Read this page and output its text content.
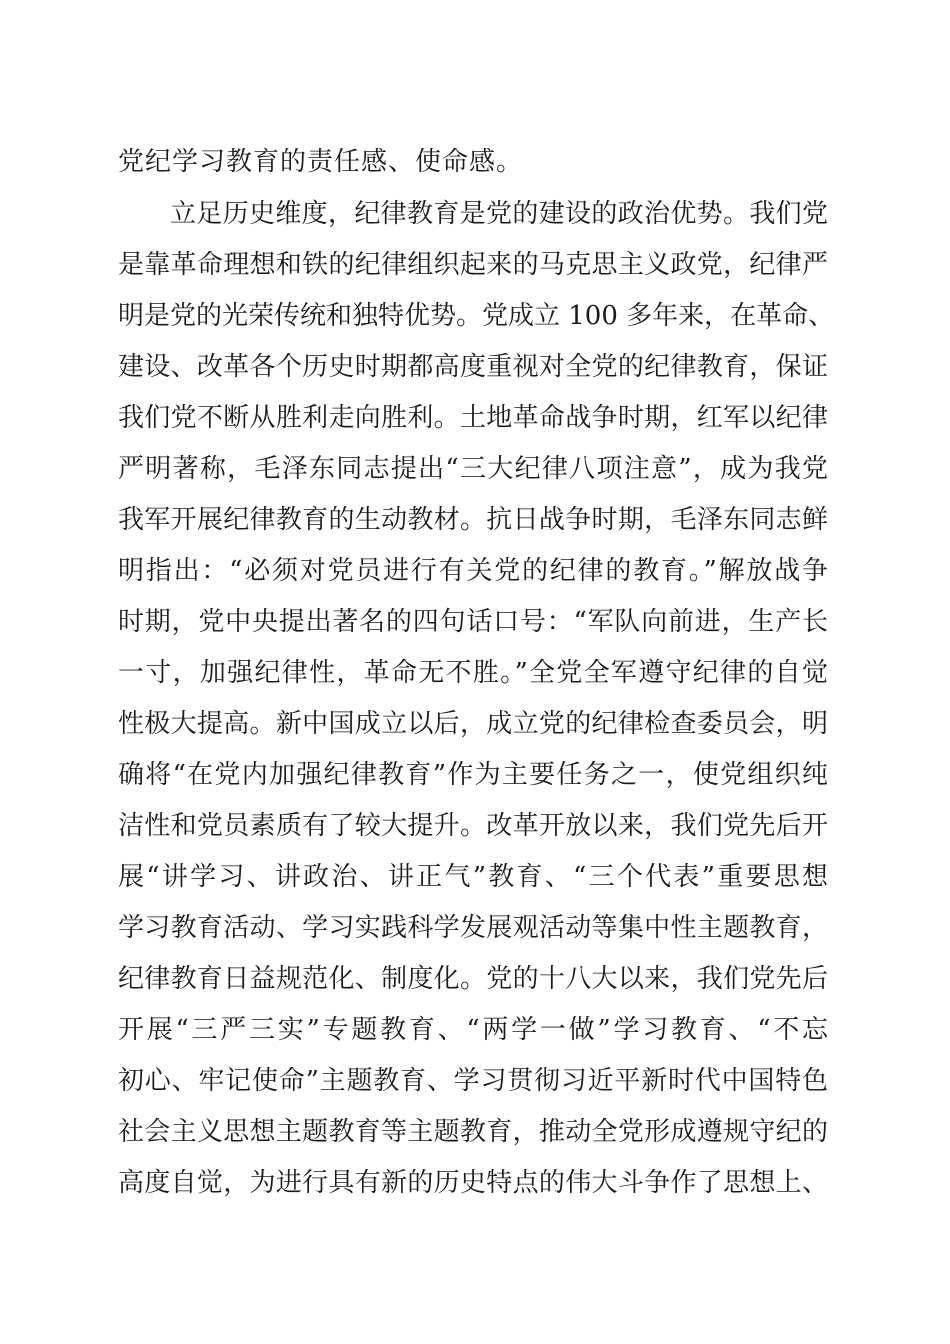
党纪学习教育的责任感、使命感。
立足历史维度，纪律教育是党的建设的政治优势。我们党
是靠革命理想和铁的纪律组织起来的马克思主义政党，纪律严
明是党的光荣传统和独特优势。党成立 100 多年来，在革命、
建设、改革各个历史时期都高度重视对全党的纪律教育，保证
我们党不断从胜利走向胜利。土地革命战争时期，红军以纪律
严明著称，毛泽东同志提出“三大纪律八项注意”，成为我党
我军开展纪律教育的生动教材。抗日战争时期，毛泽东同志鲜
明指出：“必须对党员进行有关党的纪律的教育。”解放战争
时期，党中央提出著名的四句话口号：“军队向前进，生产长
一寸，加强纪律性，革命无不胜。”全党全军遵守纪律的自觉
性极大提高。新中国成立以后，成立党的纪律检查委员会，明
确将“在党内加强纪律教育”作为主要任务之一，使党组织纯
洁性和党员素质有了较大提升。改革开放以来，我们党先后开
展“讲学习、讲政治、讲正气”教育、“三个代表”重要思想
学习教育活动、学习实践科学发展观活动等集中性主题教育，
纪律教育日益规范化、制度化。党的十八大以来，我们党先后
开展“三严三实”专题教育、“两学一做”学习教育、“不忘
初心、牢记使命”主题教育、学习贯彻习近平新时代中国特色
社会主义思想主题教育等主题教育，推动全党形成遵规守纪的
高度自觉，为进行具有新的历史特点的伟大斗争作了思想上、
